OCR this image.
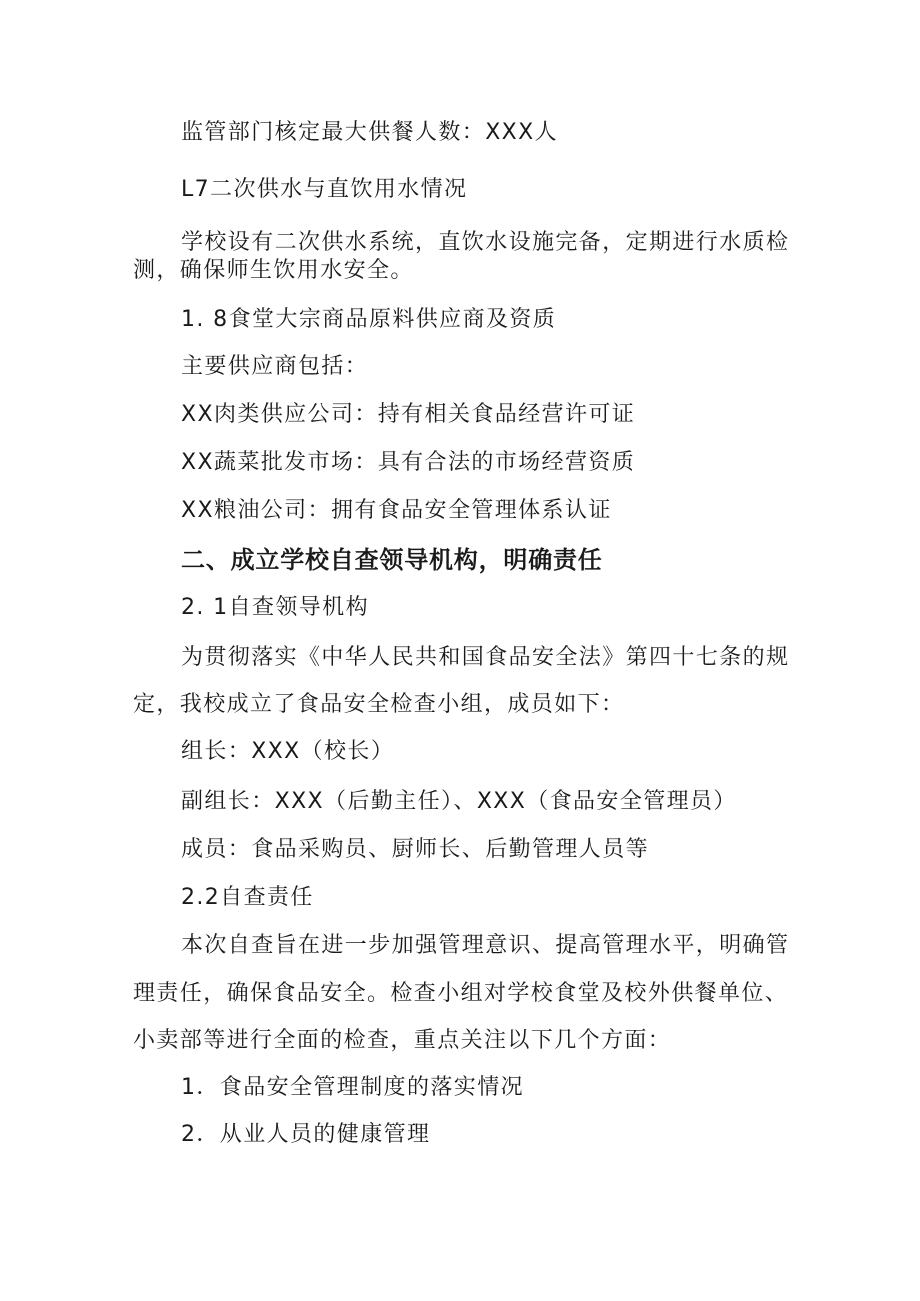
监管部门核定最大供餐人数：XXX人
L7二次供水与直饮用水情况
学校设有二次供水系统，直饮水设施完备，定期进行水质检
测，确保师生饮用水安全。
1. 8食堂大宗商品原料供应商及资质
主要供应商包括：
XX肉类供应公司：持有相关食品经营许可证
XX蔬菜批发市场：具有合法的市场经营资质
XX粮油公司：拥有食品安全管理体系认证
二、成立学校自查领导机构，明确责任
2. 1自查领导机构
为贯彻落实《中华人民共和国食品安全法》第四十七条的规
定，我校成立了食品安全检查小组，成员如下：
组长：XXX（校长）
副组长：XXX（后勤主任）、XXX（食品安全管理员）
成员：食品采购员、厨师长、后勤管理人员等
2.2自查责任
本次自查旨在进一步加强管理意识、提高管理水平，明确管
理责任，确保食品安全。检查小组对学校食堂及校外供餐单位、
小卖部等进行全面的检查，重点关注以下几个方面：
1．食品安全管理制度的落实情况
2．从业人员的健康管理
